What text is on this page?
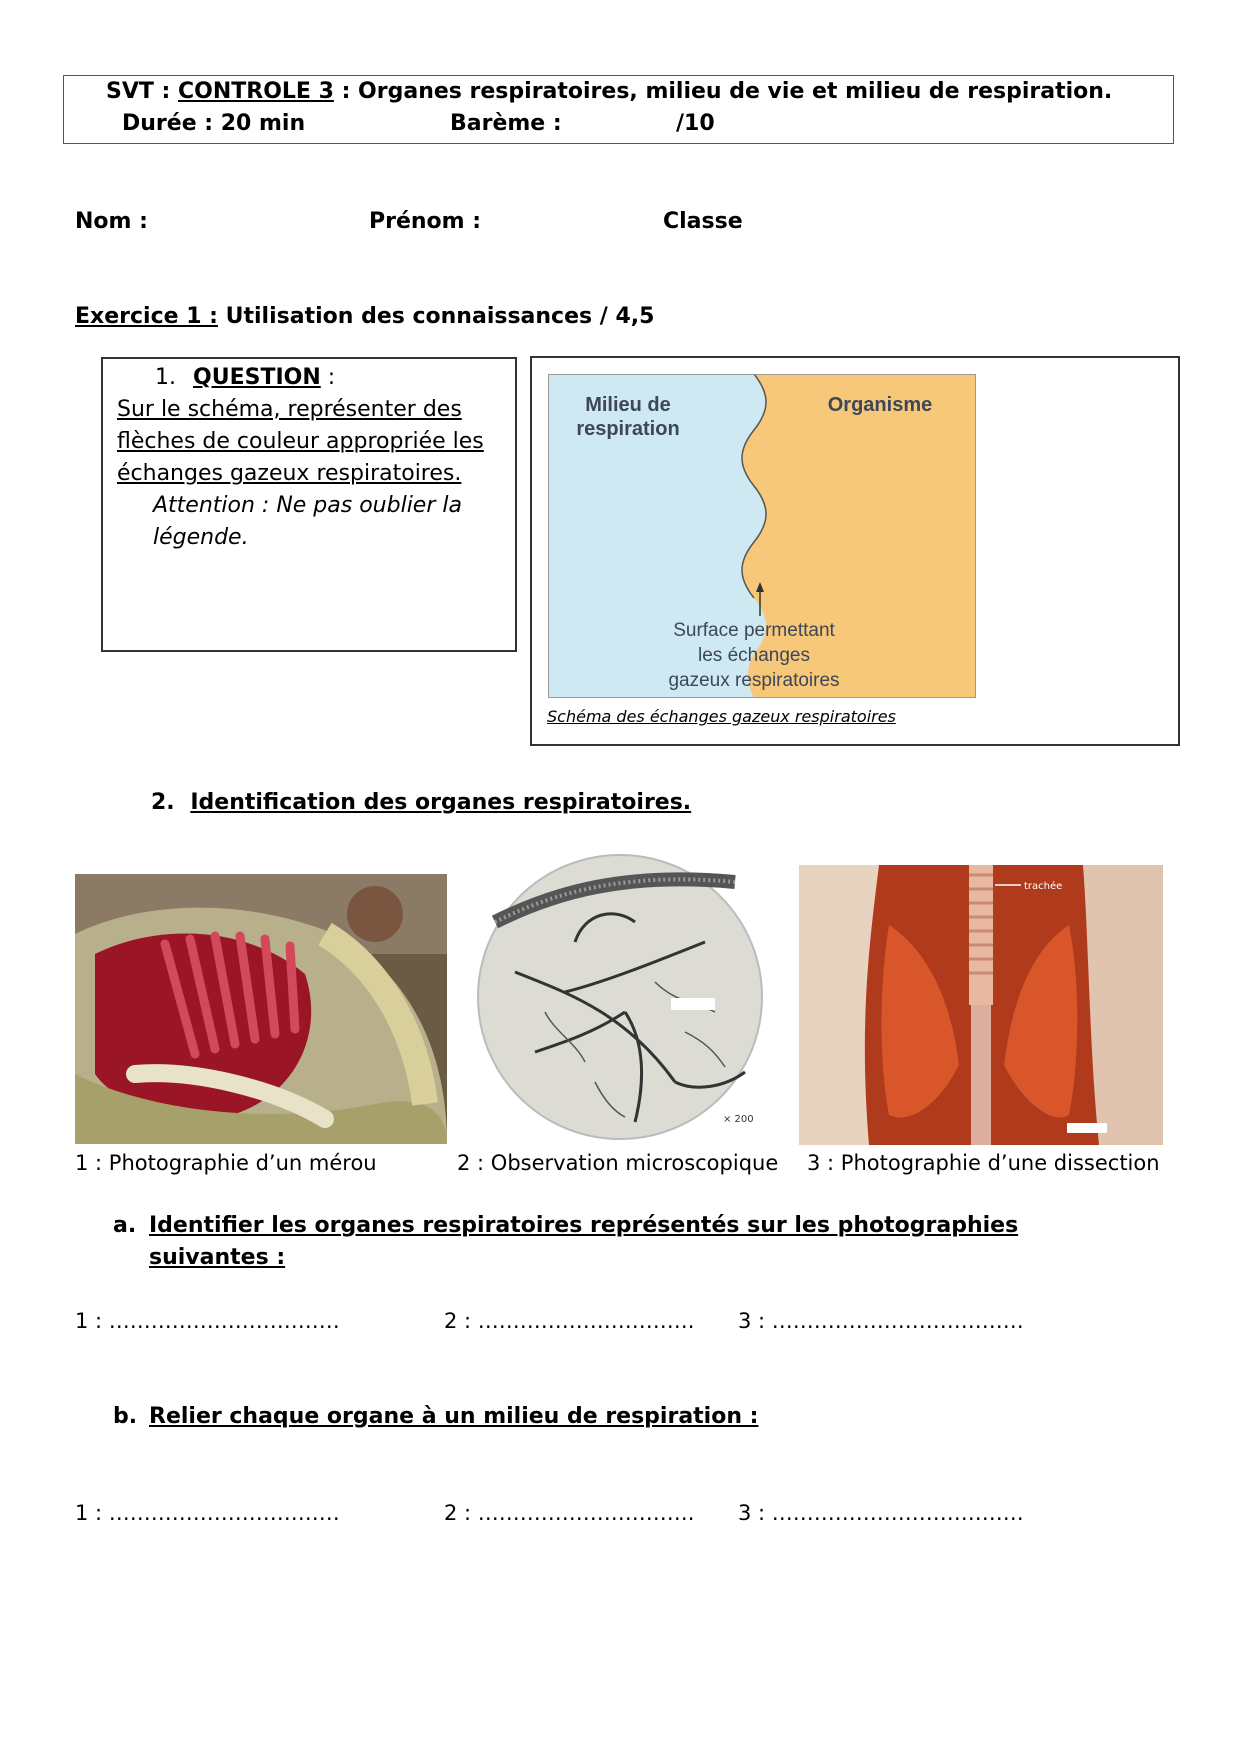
SVT : CONTROLE 3 : Organes respiratoires, milieu de vie et milieu de respiration.
Durée : 20 min	Barème :	/10
Nom :	Prénom :	Classe
Exercice 1 : Utilisation des connaissances / 4,5
1. QUESTION :
Sur le schéma, représenter des
flèches de couleur appropriée les
échanges gazeux respiratoires.
Attention : Ne pas oublier la
légende.
Milieu de
respiration
Organisme
Surface permettant
les échanges
gazeux respiratoires
Schéma des échanges gazeux respiratoires
2. Identification des organes respiratoires.
1 : Photographie d’un mérou
× 200
2 : Observation microscopique
trachée
3 : Photographie d’une dissection
a. Identifier les organes respiratoires représentés sur les photographies
suivantes :
1 : ……………………………	2 : …………………………. 3 : ………………………………
b. Relier chaque organe à un milieu de respiration :
1 : ……………………………	2 : …………………………. 3 : ………………………………
